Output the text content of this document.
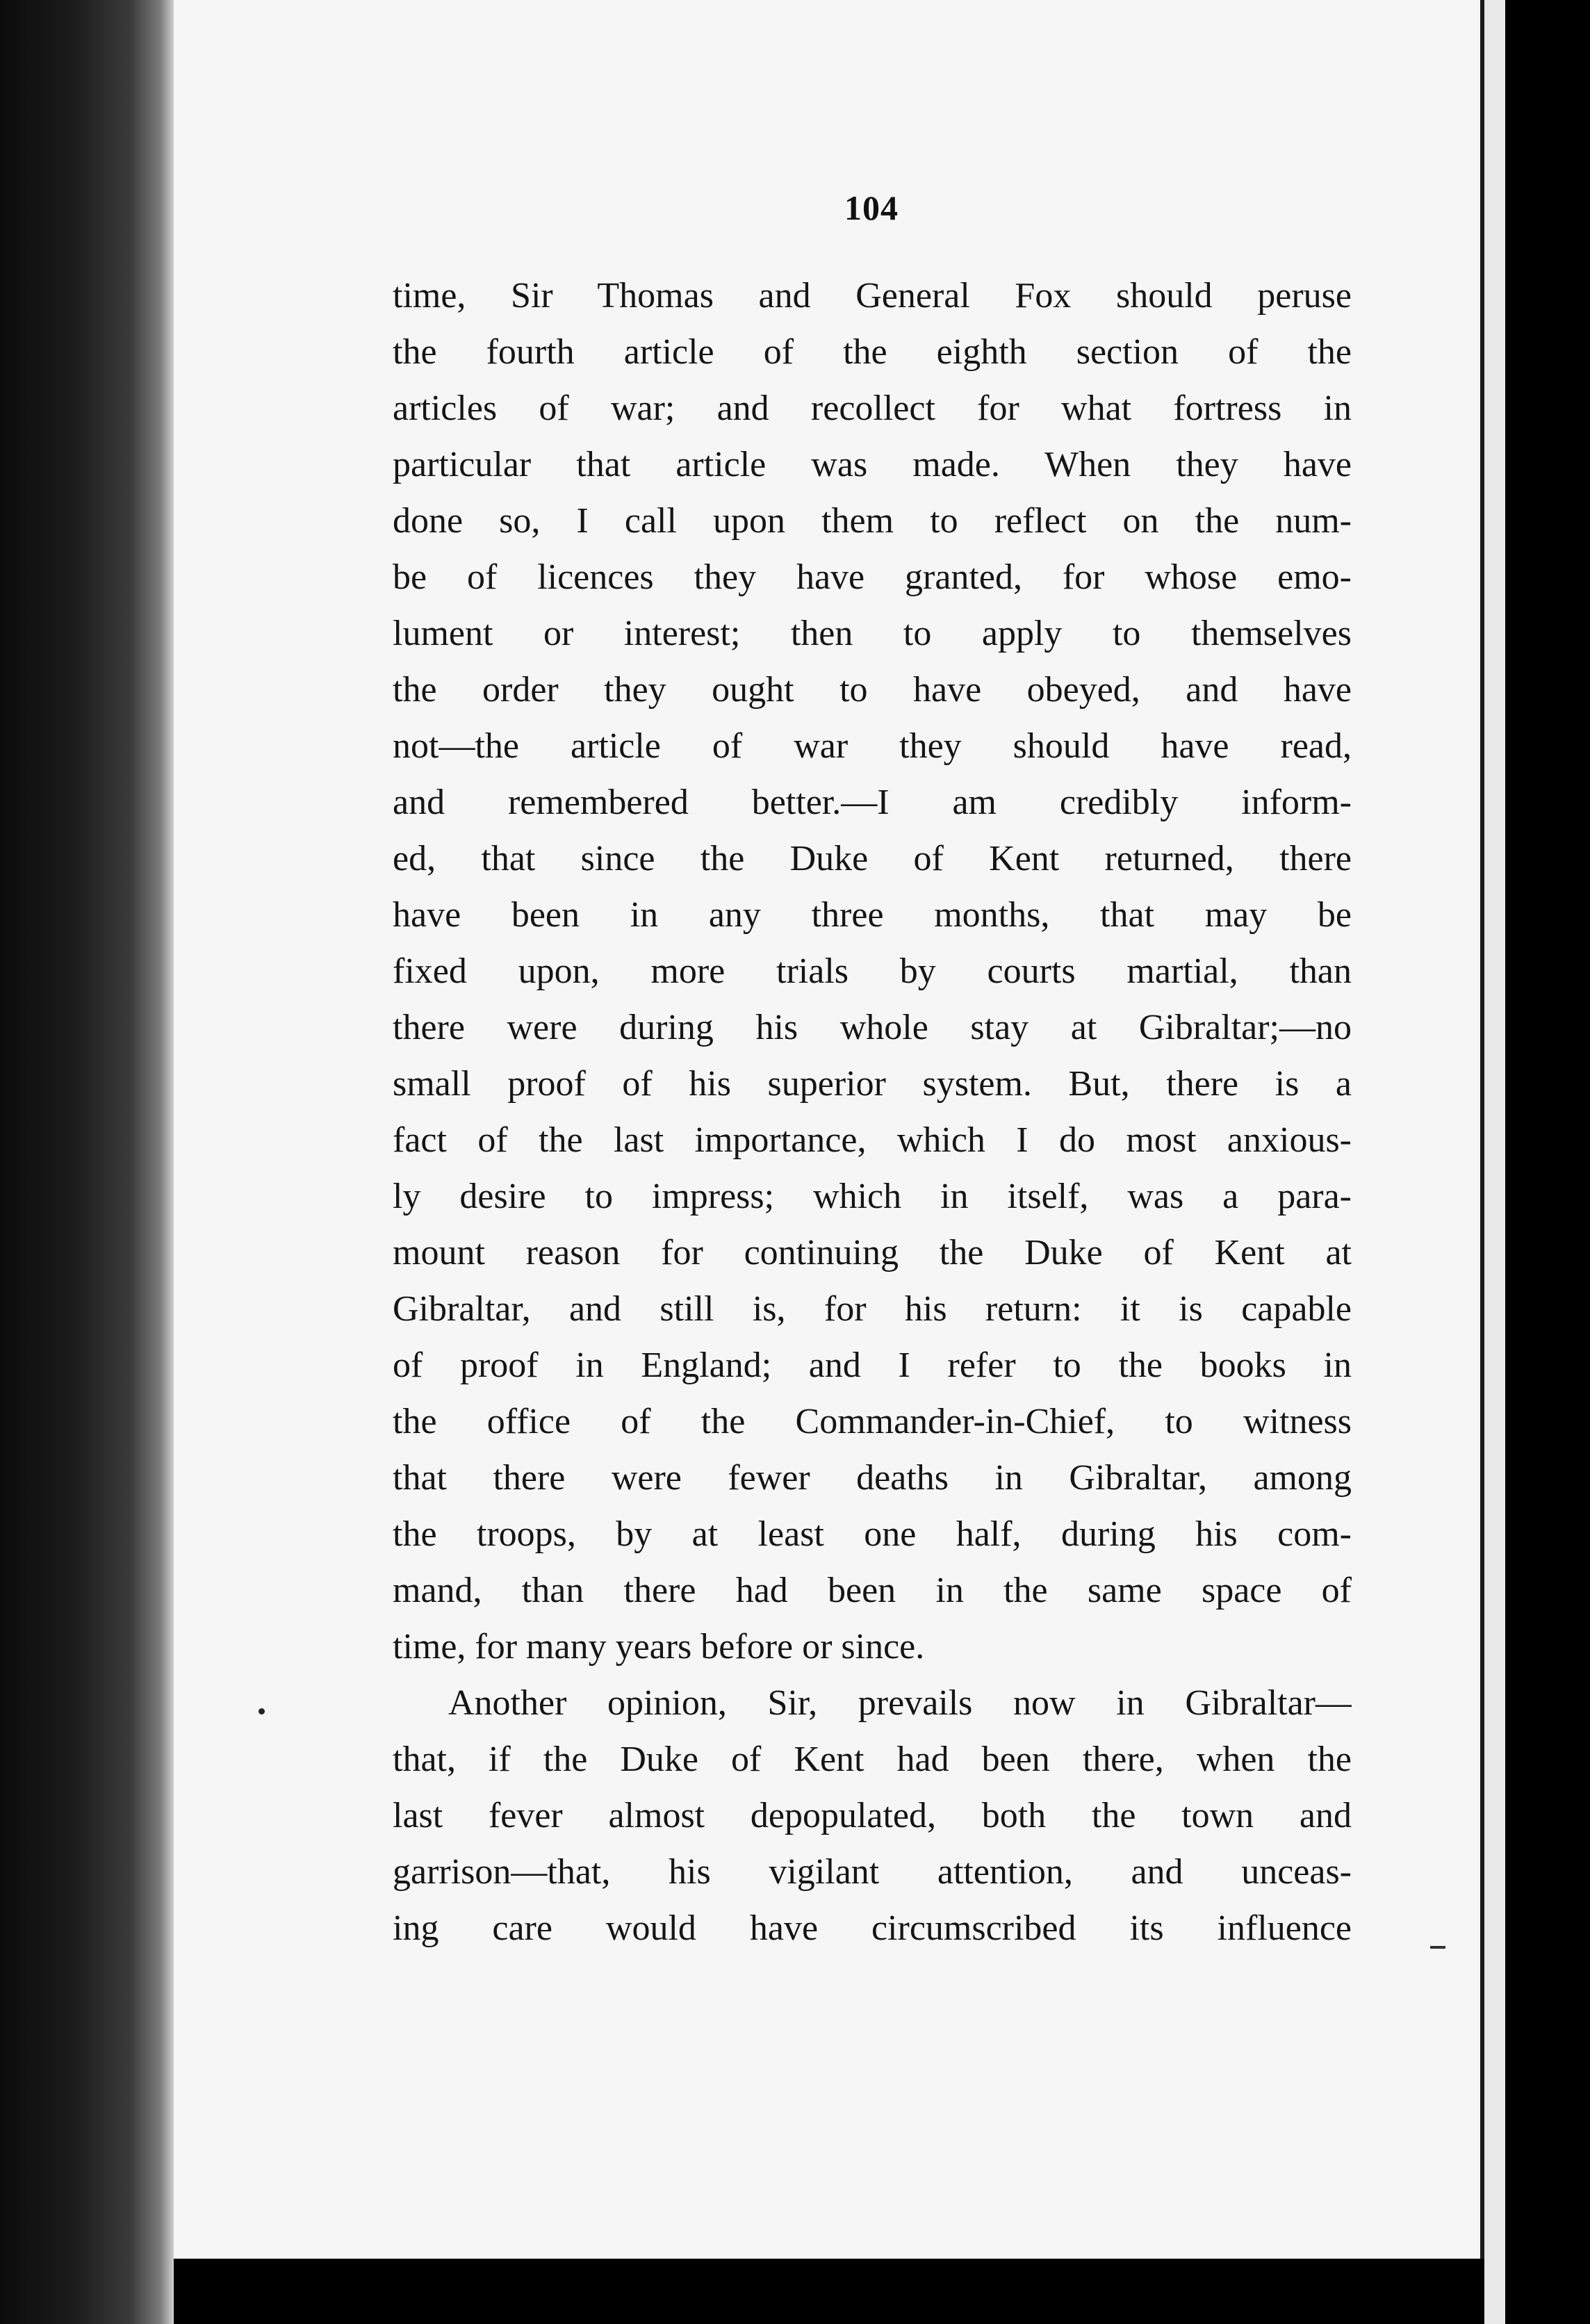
104
time, Sir Thomas and General Fox should peruse
the fourth article of the eighth section of the
articles of war; and recollect for what fortress in
particular that article was made. When they have
done so, I call upon them to reflect on the num-
be of licences they have granted, for whose emo-
lument or interest; then to apply to themselves
the order they ought to have obeyed, and have
not—the article of war they should have read,
and remembered better.—I am credibly inform-
ed, that since the Duke of Kent returned, there
have been in any three months, that may be
fixed upon, more trials by courts martial, than
there were during his whole stay at Gibraltar;—no
small proof of his superior system. But, there is a
fact of the last importance, which I do most anxious-
ly desire to impress; which in itself, was a para-
mount reason for continuing the Duke of Kent at
Gibraltar, and still is, for his return: it is capable
of proof in England; and I refer to the books in
the office of the Commander-in-Chief, to witness
that there were fewer deaths in Gibraltar, among
the troops, by at least one half, during his com-
mand, than there had been in the same space of
time, for many years before or since.
Another opinion, Sir, prevails now in Gibraltar—
that, if the Duke of Kent had been there, when the
last fever almost depopulated, both the town and
garrison—that, his vigilant attention, and unceas-
ing care would have circumscribed its influence
